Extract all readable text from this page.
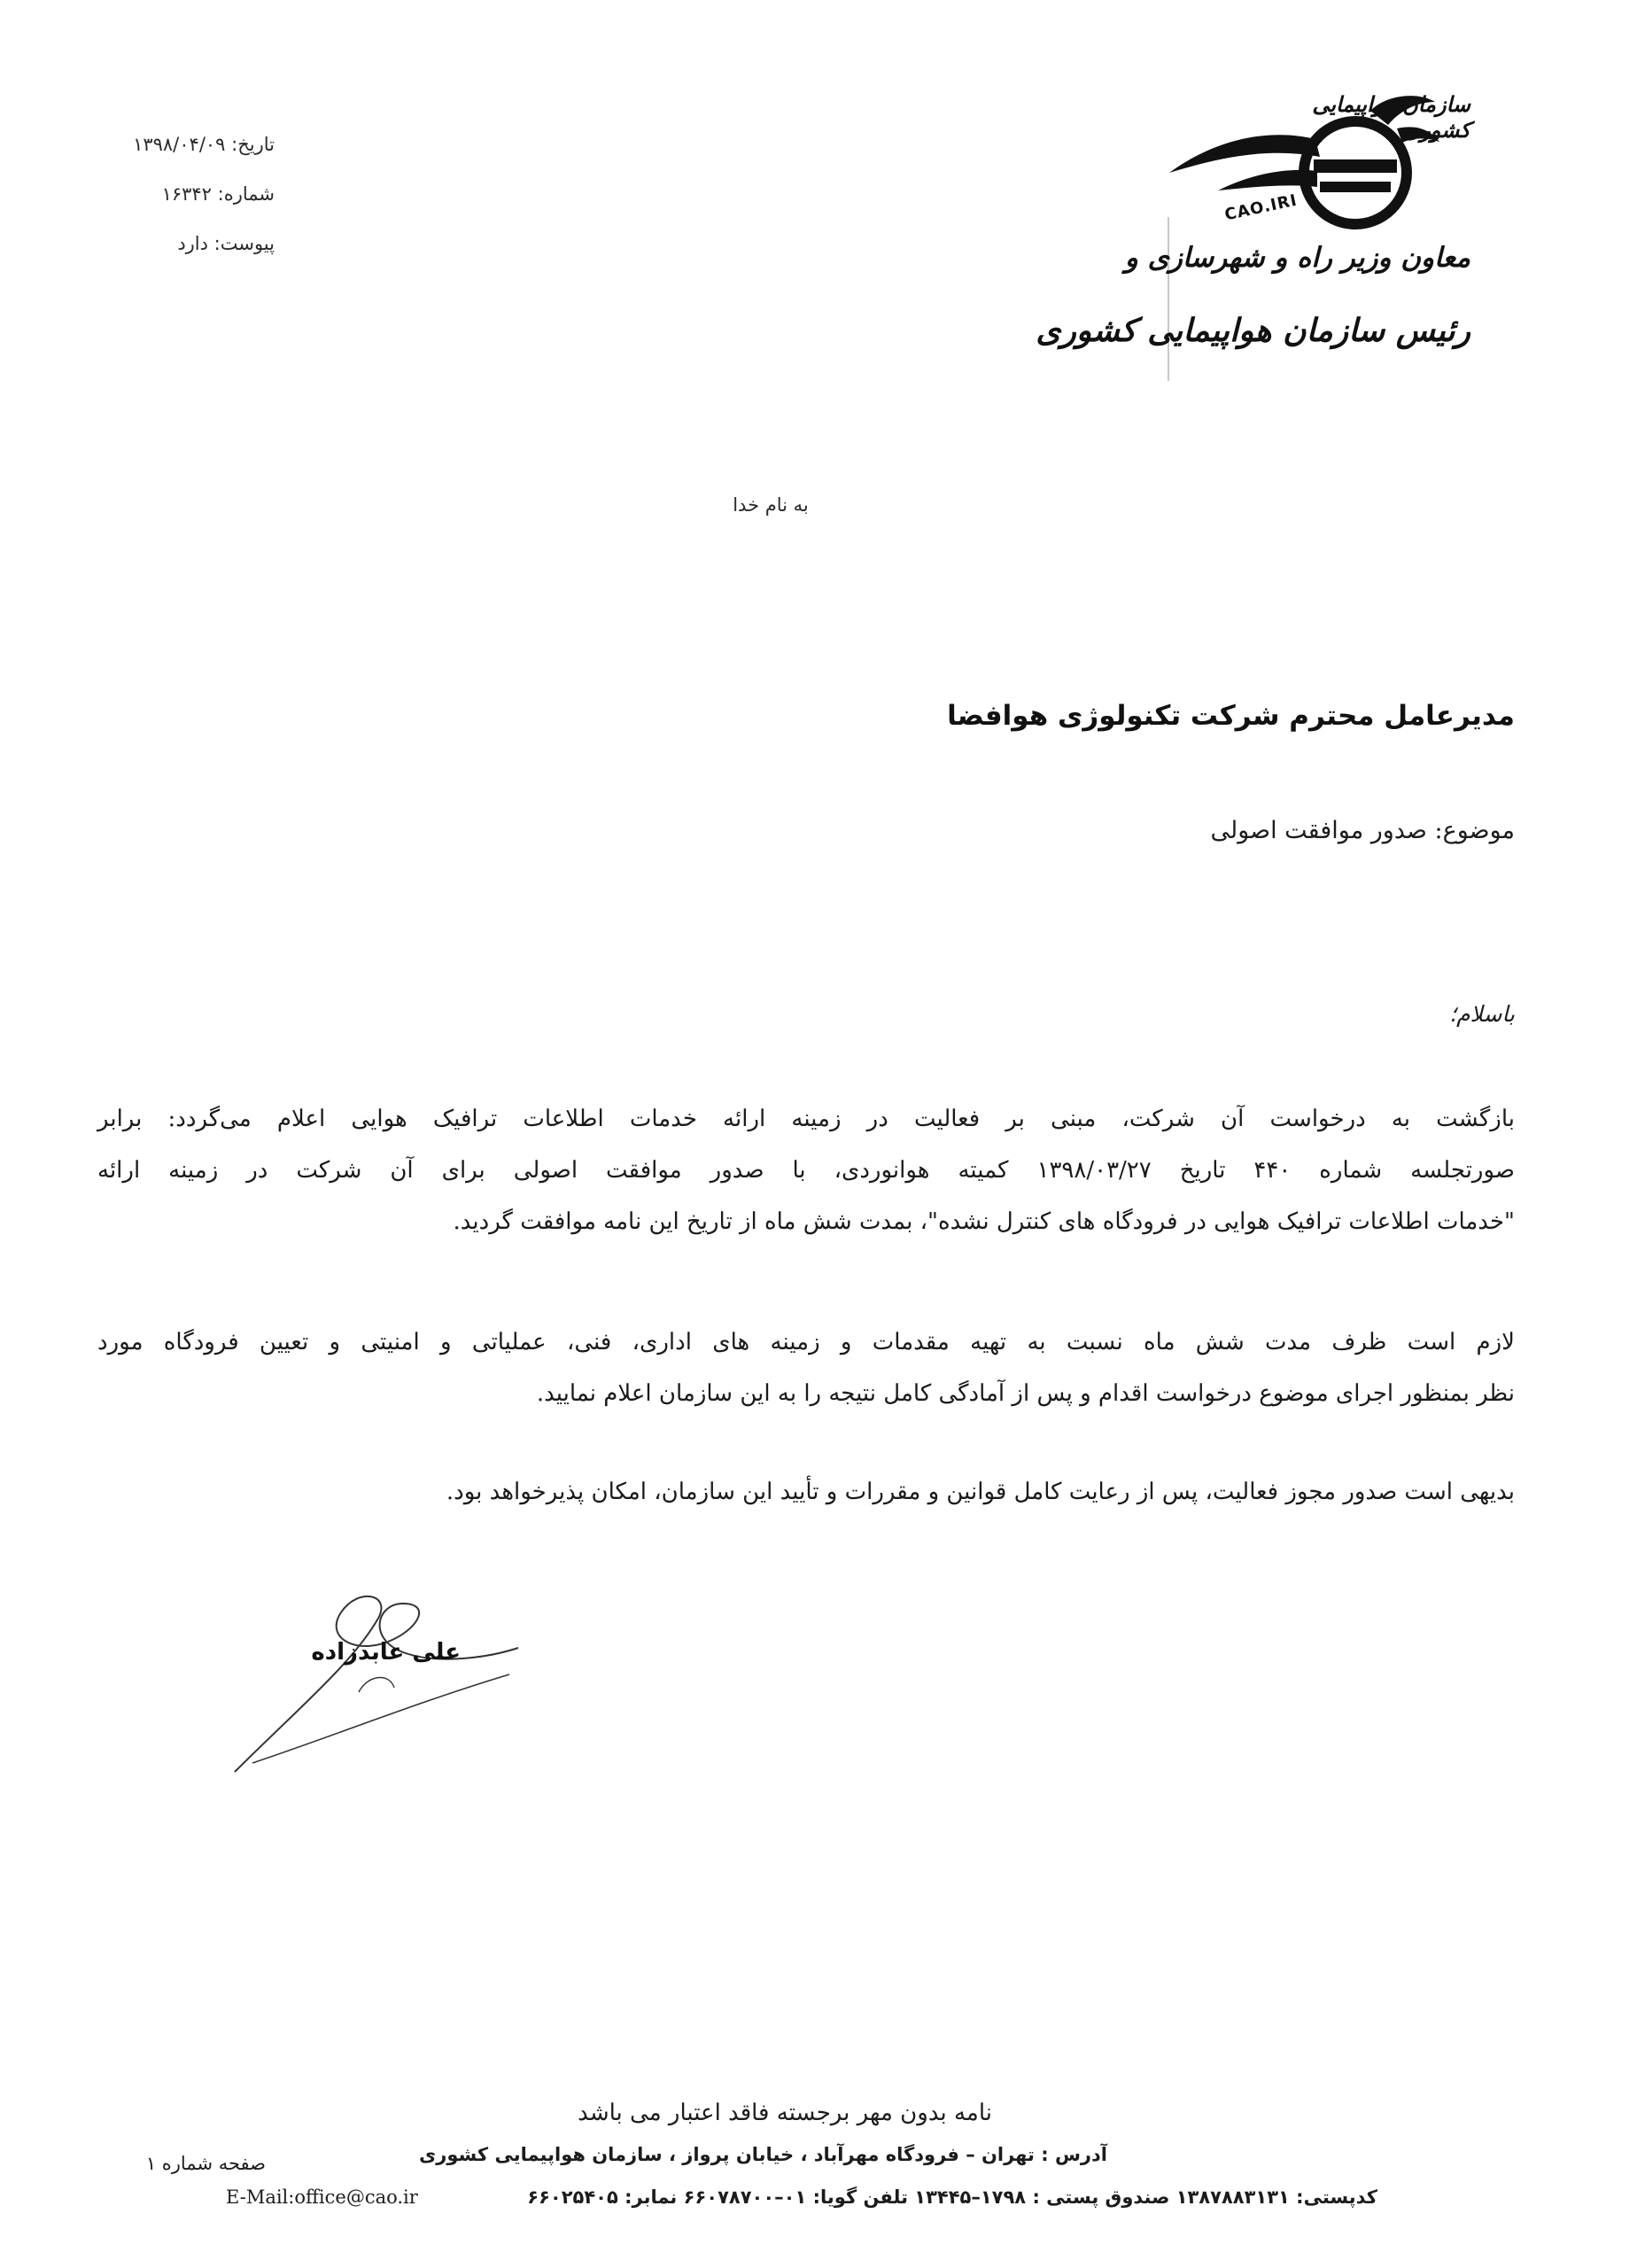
تاریخ: ۱۳۹۸/۰۴/۰۹
شماره: ۱۶۳۴۲
پیوست: دارد
سازمان هواپیمایی کشوری
CAO.IRI
معاون وزیر راه و شهرسازی و
رئیس سازمان هواپیمایی کشوری
به نام خدا
مدیرعامل محترم شرکت تکنولوژی هوافضا
موضوع: صدور موافقت اصولی
باسلام؛
بازگشت به درخواست آن شرکت، مبنی بر فعالیت در زمینه ارائه خدمات اطلاعات ترافیک هوایی اعلام می‌گردد: برابر
صورتجلسه شماره ۴۴۰ تاریخ ۱۳۹۸/۰۳/۲۷ کمیته هوانوردی، با صدور موافقت اصولی برای آن شرکت در زمینه ارائه
"خدمات اطلاعات ترافیک هوایی در فرودگاه های کنترل نشده"، بمدت شش ماه از تاریخ این نامه موافقت گردید.
لازم است ظرف مدت شش ماه نسبت به تهیه مقدمات و زمینه های اداری، فنی، عملیاتی و امنیتی و تعیین فرودگاه مورد
نظر بمنظور اجرای موضوع درخواست اقدام و پس از آمادگی کامل نتیجه را به این سازمان اعلام نمایید.
بدیهی است صدور مجوز فعالیت، پس از رعایت کامل قوانین و مقررات و تأیید این سازمان، امکان پذیرخواهد بود.
علی عابدزاده
نامه بدون مهر برجسته فاقد اعتبار می باشد
آدرس : تهران – فرودگاه مهرآباد ، خیابان پرواز ، سازمان هواپیمایی کشوری
صفحه شماره ۱
کدپستی: ۱۳۸۷۸۸۳۱۳۱ صندوق پستی : ۱۷۹۸–۱۳۴۴۵ تلفن گویا: ۰۱–۶۶۰۷۸۷۰۰ نمابر: ۶۶۰۲۵۴۰۵
E-Mail:office@cao.ir
